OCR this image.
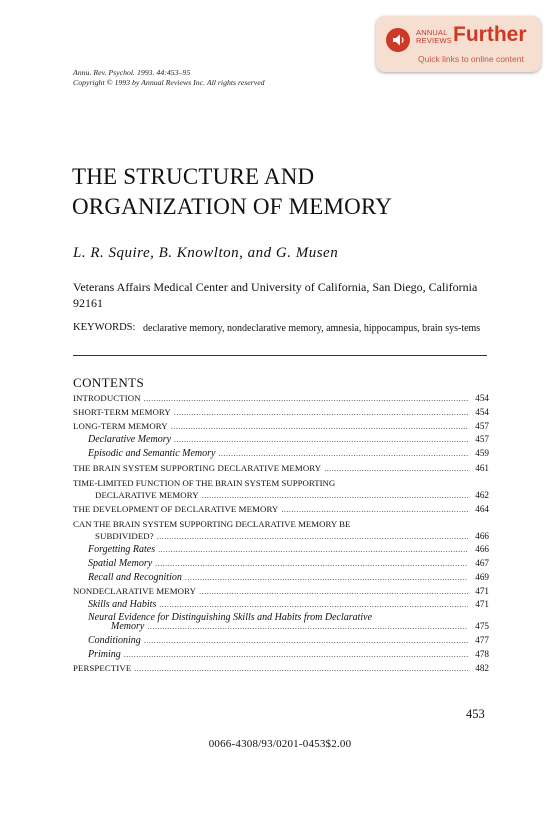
ANNUAL
REVIEWS Further
Quick links to online content
Annu. Rev. Psychol. 1993. 44:453–95
Copyright © 1993 by Annual Reviews Inc. All rights reserved
THE STRUCTURE AND
ORGANIZATION OF MEMORY
L. R. Squire, B. Knowlton, and G. Musen
Veterans Affairs Medical Center and University of California, San Diego, California 92161
KEYWORDS: declarative memory, nondeclarative memory, amnesia, hippocampus, brain sys-tems
CONTENTS
INTRODUCTION .....	454
SHORT-TERM MEMORY .....	454
LONG-TERM MEMORY .....	457
Declarative Memory .....	457
Episodic and Semantic Memory .....	459
THE BRAIN SYSTEM SUPPORTING DECLARATIVE MEMORY .....	461
TIME-LIMITED FUNCTION OF THE BRAIN SYSTEM SUPPORTING
DECLARATIVE MEMORY .....	462
THE DEVELOPMENT OF DECLARATIVE MEMORY .....	464
CAN THE BRAIN SYSTEM SUPPORTING DECLARATIVE MEMORY BE
SUBDIVIDED? .....	466
Forgetting Rates .....	466
Spatial Memory .....	467
Recall and Recognition .....	469
NONDECLARATIVE MEMORY .....	471
Skills and Habits .....	471
Neural Evidence for Distinguishing Skills and Habits from Declarative
Memory .....	475
Conditioning .....	477
Priming .....	478
PERSPECTIVE .....	482
453
0066-4308/93/0201-0453$2.00
